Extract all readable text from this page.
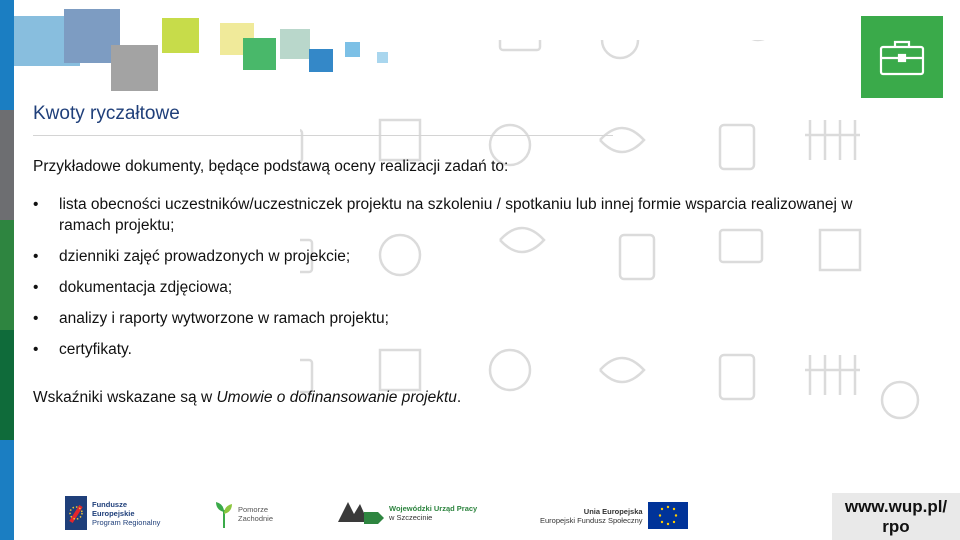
Kwoty ryczałtowe
Przykładowe dokumenty, będące podstawą oceny realizacji zadań to:
• lista obecności uczestników/uczestniczek projektu na szkoleniu / spotkaniu lub innej formie wsparcia realizowanej w ramach projektu;
• dzienniki zajęć prowadzonych w projekcie;
• dokumentacja zdjęciowa;
• analizy i raporty wytworzone w ramach projektu;
• certyfikaty.
Wskaźniki wskazane są w Umowie o dofinansowanie projektu.
Fundusze
Europejskie
Program Regionalny
Pomorze
Zachodnie
Wojewódzki Urząd Pracy
w Szczecinie
Unia Europejska
Europejski Fundusz Społeczny
www.wup.pl/
rpo
